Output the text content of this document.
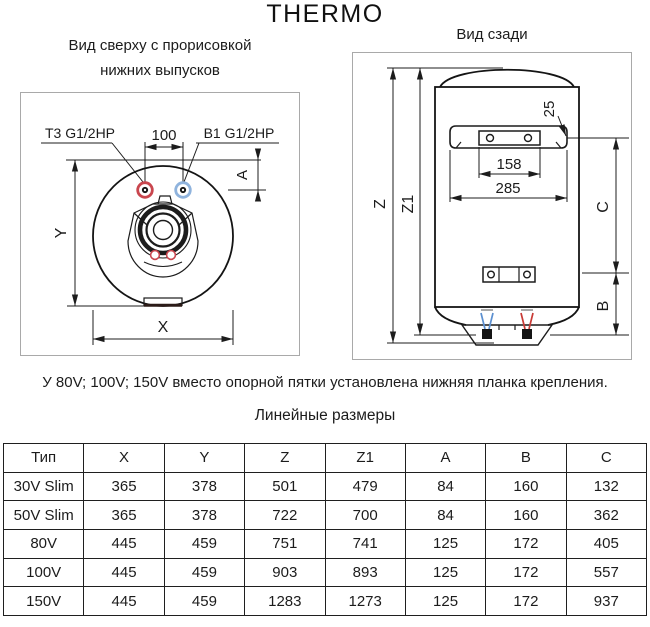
THERMO
Вид сверху с прорисовкой
нижних выпусков
Вид сзади
Т3 G1/2НР	В1 G1/2НР
100
Y
A
X
25
158
285
Z Z1	C
B
У 80V; 100V; 150V вместо опорной пятки установлена нижняя планка крепления.
Линейные размеры
Тип	X	Y	Z	Z1	A	B	C
30V Slim	365	378	501	479	84	160	132
50V Slim	365	378	722	700	84	160	362
80V	445	459	751	741	125	172	405
100V	445	459	903	893	125	172	557
150V	445	459	1283	1273	125	172	937
